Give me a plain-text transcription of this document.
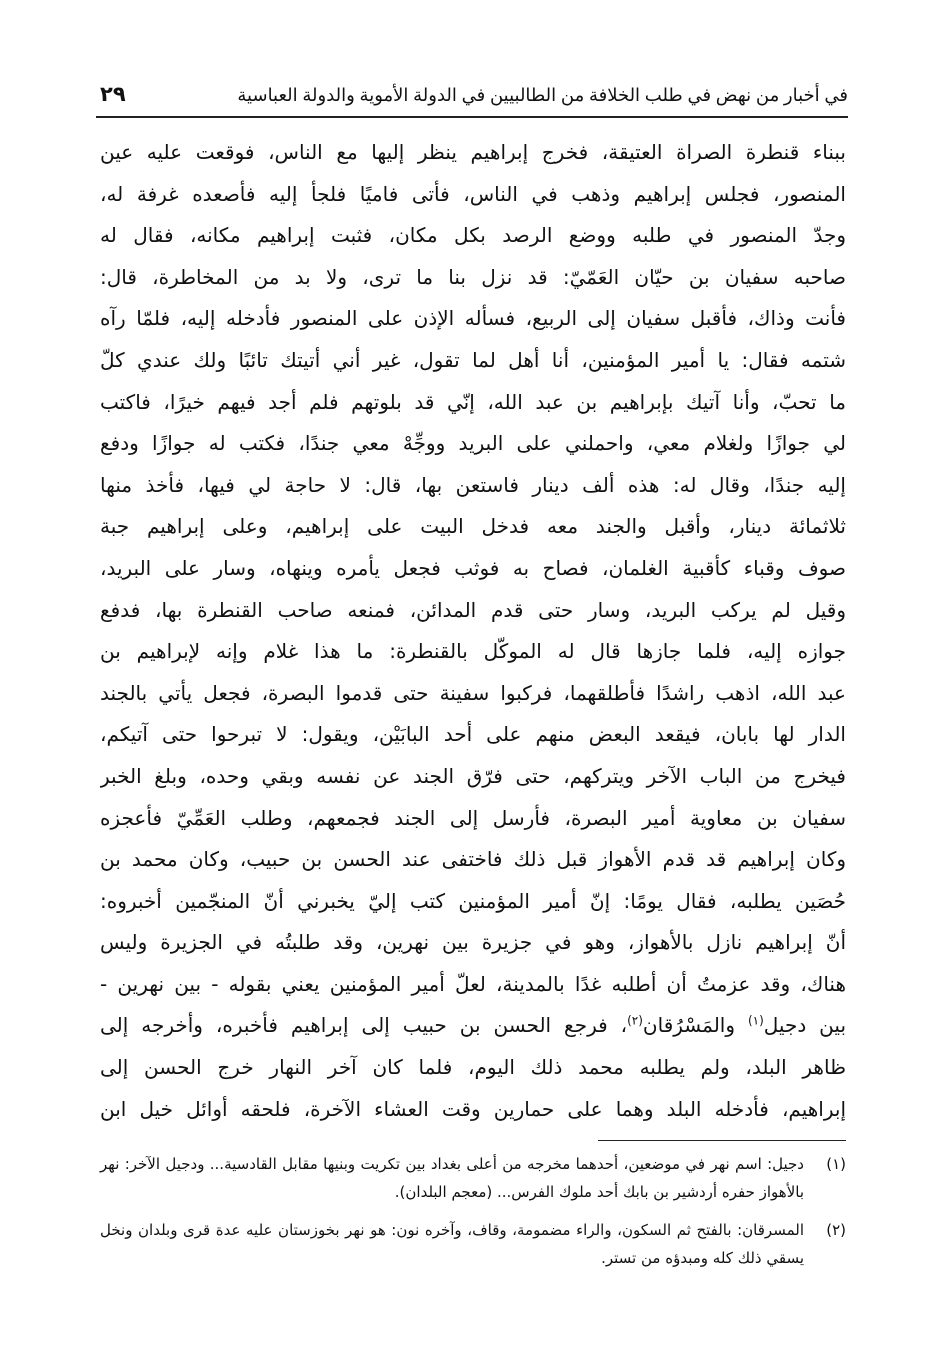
في أخبار من نهض في طلب الخلافة من الطالبيين في الدولة الأموية والدولة العباسية
٢٩
ببناء قنطرة الصراة العتيقة، فخرج إبراهيم ينظر إليها مع الناس، فوقعت عليه عين
المنصور، فجلس إبراهيم وذهب في الناس، فأتى فاميًا فلجأ إليه فأصعده غرفة له،
وجدّ المنصور في طلبه ووضع الرصد بكل مكان، فثبت إبراهيم مكانه، فقال له
صاحبه سفيان بن حيّان العَمّيّ: قد نزل بنا ما ترى، ولا بد من المخاطرة، قال:
فأنت وذاك، فأقبل سفيان إلى الربيع، فسأله الإذن على المنصور فأدخله إليه، فلمّا رآه
شتمه فقال: يا أمير المؤمنين، أنا أهل لما تقول، غير أني أتيتك تائبًا ولك عندي كلّ
ما تحبّ، وأنا آتيك بإبراهيم بن عبد الله، إنّي قد بلوتهم فلم أجد فيهم خيرًا، فاكتب
لي جوازًا ولغلام معي، واحملني على البريد ووجِّهْ معي جندًا، فكتب له جوازًا ودفع
إليه جندًا، وقال له: هذه ألف دينار فاستعن بها، قال: لا حاجة لي فيها، فأخذ منها
ثلاثمائة دينار، وأقبل والجند معه فدخل البيت على إبراهيم، وعلى إبراهيم جبة
صوف وقباء كأقبية الغلمان، فصاح به فوثب فجعل يأمره وينهاه، وسار على البريد،
وقيل لم يركب البريد، وسار حتى قدم المدائن، فمنعه صاحب القنطرة بها، فدفع
جوازه إليه، فلما جازها قال له الموكّل بالقنطرة: ما هذا غلام وإنه لإبراهيم بن
عبد الله، اذهب راشدًا فأطلقهما، فركبوا سفينة حتى قدموا البصرة، فجعل يأتي بالجند
الدار لها بابان، فيقعد البعض منهم على أحد البابَيْن، ويقول: لا تبرحوا حتى آتيكم،
فيخرج من الباب الآخر ويتركهم، حتى فرّق الجند عن نفسه وبقي وحده، وبلغ الخبر
سفيان بن معاوية أمير البصرة، فأرسل إلى الجند فجمعهم، وطلب العَمِّيّ فأعجزه
وكان إبراهيم قد قدم الأهواز قبل ذلك فاختفى عند الحسن بن حبيب، وكان محمد بن
حُصَين يطلبه، فقال يومًا: إنّ أمير المؤمنين كتب إليّ يخبرني أنّ المنجّمين أخبروه:
أنّ إبراهيم نازل بالأهواز، وهو في جزيرة بين نهرين، وقد طلبتُه في الجزيرة وليس
هناك، وقد عزمتُ أن أطلبه غدًا بالمدينة، لعلّ أمير المؤمنين يعني بقوله - بين نهرين -
بين دجيل$^{(١)}$ والمَسْرُقان$^{(٢)}$، فرجع الحسن بن حبيب إلى إبراهيم فأخبره، وأخرجه إلى
ظاهر البلد، ولم يطلبه محمد ذلك اليوم، فلما كان آخر النهار خرج الحسن إلى
إبراهيم، فأدخله البلد وهما على حمارين وقت العشاء الآخرة، فلحقه أوائل خيل ابن
(١)
دجيل: اسم نهر في موضعين، أحدهما مخرجه من أعلى بغداد بين تكريت وبنيها مقابل القادسية... ودجيل الآخر: نهر بالأهواز حفره أردشير بن بابك أحد ملوك الفرس... (معجم البلدان).
(٢)
المسرقان: بالفتح ثم السكون، والراء مضمومة، وقاف، وآخره نون: هو نهر بخوزستان عليه عدة قرى وبلدان ونخل يسقي ذلك كله ومبدؤه من تستر.
